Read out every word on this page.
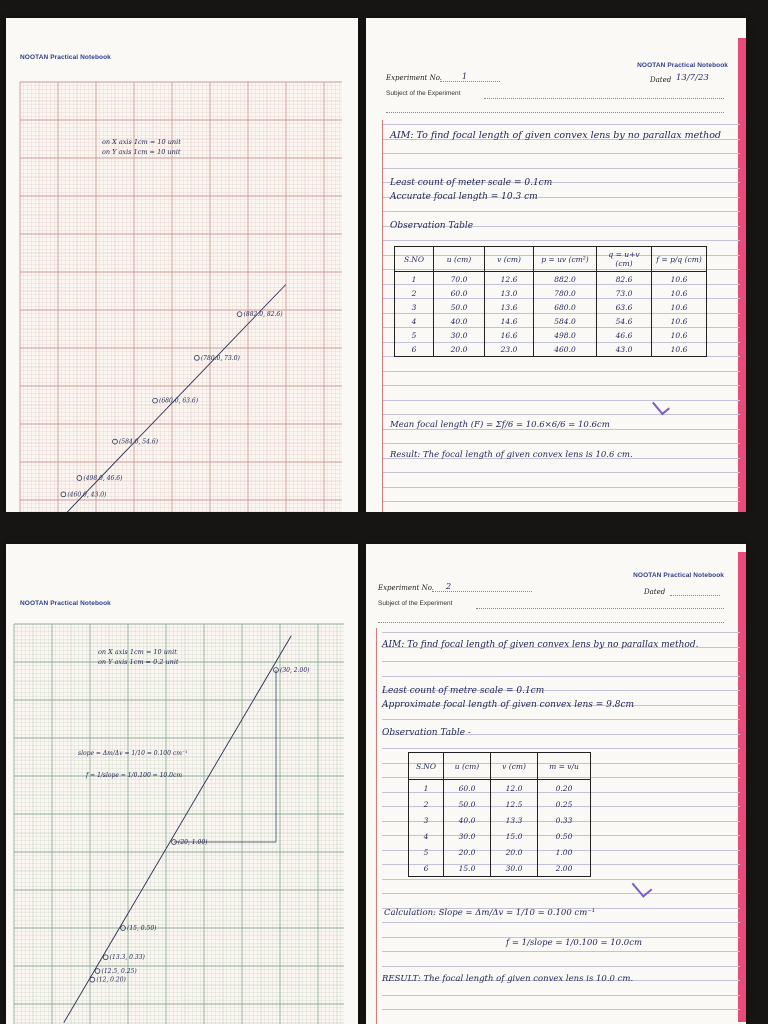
NOOTAN Practical Notebook
(460.0, 43.0)
(498.0, 46.6)
(584.0, 54.6)
(680.0, 63.6)
(780.0, 73.0)
(882.0, 82.6)
on X axis 1cm = 10 unit
on Y axis 1cm = 10 unit
NOOTAN Practical Notebook
Experiment No. 1	Dated 13/7/23
Subject of the Experiment
AIM: To find focal length of given convex lens by no parallax method
Least count of meter scale = 0.1cm
Accurate focal length = 10.3 cm
Observation Table
S.NO	u (cm)	v (cm)	p = uv (cm²)	q = u+v (cm)	f = p/q (cm)
1	70.0	12.6	882.0	82.6	10.6
2	60.0	13.0	780.0	73.0	10.6
3	50.0	13.6	680.0	63.6	10.6
4	40.0	14.6	584.0	54.6	10.6
5	30.0	16.6	498.0	46.6	10.6
6	20.0	23.0	460.0	43.0	10.6
Mean focal length (F) = Σf/6 = 10.6×6/6 = 10.6cm
Result: The focal length of given convex lens is 10.6 cm.
NOOTAN Practical Notebook
(12, 0.20)
(12.5, 0.25)
(13.3, 0.33)
(15, 0.50)
(20, 1.00)
(30, 2.00)
on X axis 1cm = 10 unit
on Y axis 1cm = 0.2 unit
slope = Δm/Δv = 1/10 = 0.100 cm⁻¹
f = 1/slope = 1/0.100 = 10.0cm
NOOTAN Practical Notebook
Experiment No. 2
Dated
Subject of the Experiment
AIM: To find focal length of given convex lens by no parallax method.
Least count of metre scale = 0.1cm
Approximate focal length of given convex lens = 9.8cm
Observation Table -
S.NO	u (cm)	v (cm)	m = v/u
1	60.0	12.0	0.20
2	50.0	12.5	0.25
3	40.0	13.3	0.33
4	30.0	15.0	0.50
5	20.0	20.0	1.00
6	15.0	30.0	2.00
Calculation: Slope = Δm/Δv = 1/10 = 0.100 cm⁻¹
f = 1/slope = 1/0.100 = 10.0cm
RESULT: The focal length of given convex lens is 10.0 cm.
